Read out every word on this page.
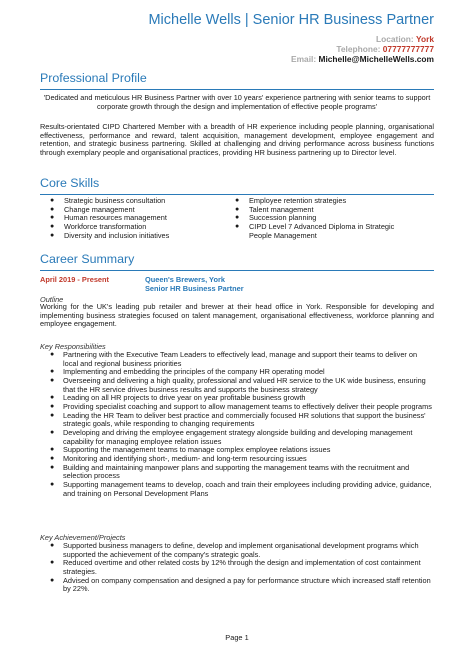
Michelle Wells | Senior HR Business Partner
Location: York
Telephone: 07777777777
Email: Michelle@MichelleWells.com
Professional Profile
'Dedicated and meticulous HR Business Partner with over 10 years' experience partnering with senior teams to support corporate growth through the design and implementation of effective people programs'
Results-orientated CIPD Chartered Member with a breadth of HR experience including people planning, organisational effectiveness, performance and reward, talent acquisition, management development, employee engagement and retention, and strategic business partnering. Skilled at challenging and driving performance across business functions through exemplary people and organisational practices, providing HR business partnering up to Director level.
Core Skills
● Strategic business consultation
● Change management
● Human resources management
● Workforce transformation
● Diversity and inclusion initiatives
● Employee retention strategies
● Talent management
● Succession planning
● CIPD Level 7 Advanced Diploma in Strategic People Management
Career Summary
April 2019 - Present	Queen's Brewers, York
Senior HR Business Partner
Outline
Working for the UK's leading pub retailer and brewer at their head office in York. Responsible for developing and implementing business strategies focused on talent management, organisational effectiveness, workforce planning and employee engagement.
Key Responsibilities
● Partnering with the Executive Team Leaders to effectively lead, manage and support their teams to deliver on local and regional business priorities
● Implementing and embedding the principles of the company HR operating model
● Overseeing and delivering a high quality, professional and valued HR service to the UK wide business, ensuring that the HR service drives business results and supports the business strategy
● Leading on all HR projects to drive year on year profitable business growth
● Providing specialist coaching and support to allow management teams to effectively deliver their people programs
● Leading the HR Team to deliver best practice and commercially focused HR solutions that support the business' strategic goals, while responding to changing requirements
● Developing and driving the employee engagement strategy alongside building and developing management capability for managing employee relation issues
● Supporting the management teams to manage complex employee relations issues
● Monitoring and identifying short-, medium- and long-term resourcing issues
● Building and maintaining manpower plans and supporting the management teams with the recruitment and selection process
● Supporting management teams to develop, coach and train their employees including providing advice, guidance, and training on Personal Development Plans
Key Achievement/Projects
● Supported business managers to define, develop and implement organisational development programs which supported the achievement of the company's strategic goals.
● Reduced overtime and other related costs by 12% through the design and implementation of cost containment strategies.
● Advised on company compensation and designed a pay for performance structure which increased staff retention by 22%.
Page 1
